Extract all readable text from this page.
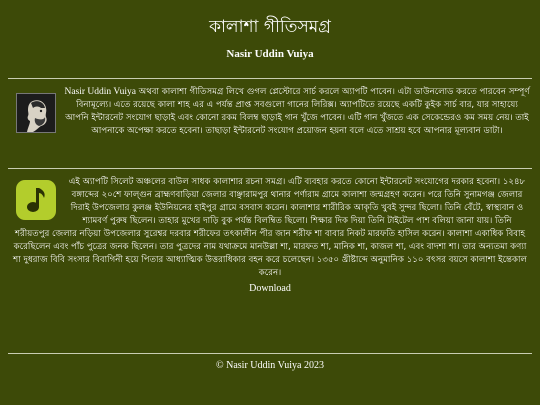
কালাশা গীতিসমগ্র
Nasir Uddin Vuiya
Nasir Uddin Vuiya অথবা কালাশা গীতিসমগ্র লিখে গুগল প্লেস্টোরে সার্চ করলে অ্যাপটি পাবেন। এটা ডাউনলোড করতে পারবেন সম্পূর্ণ বিনামূল্যে। এতে রয়েছে কালা শাহ এর এ পর্যন্ত প্রাপ্ত সবগুলো গানের লিরিক্স। অ্যাপটিতে রয়েছে একটি কুইক সার্চ বার, যার সাহায্যে আপনি ইন্টারনেট সংযোগ ছাড়াই এবং কোনো রকম বিলম্ব ছাড়াই গান খুঁজে পাবেন। এটি গান খুঁজতে এক সেকেন্ডেরও কম সময় নেয়। তাই আপনাকে অপেক্ষা করতে হবেনা। তাছাড়া ইন্টারনেট সংযোগ প্রয়োজন হয়না বলে এতে সাশ্রয় হবে আপনার মূল্যবান ডাটা।
এই অ্যাপটি সিলেট অঞ্চলের বাউল সাধক কালাশার রচনা সমগ্র। এটি ব্যবহার করতে কোনো ইন্টারনেট সংযোগের দরকার হবেনা। ১২৪৮ বঙ্গাব্দের ২০শে ফাল্গুন ব্রাহ্মণবাড়িয়া জেলার বাঞ্ছারামপুর থানার পর্ণারাম গ্রামে কালাশা জন্মগ্রহণ করেন। পরে তিনি সুনামগঞ্জ জেলার দিরাই উপজেলার কুলঞ্জ ইউনিয়নের হাইপুর গ্রামে বসবাস করেন। কালাশার শারীরিক আকৃতি খুবই সুন্দর ছিলো। তিনি বেঁটে, স্বাস্থ্যবান ও শ্যামবর্ণ পুরুষ ছিলেন। তাহার মুখের দাড়ি বুক পর্যন্ত বিলম্বিত ছিলো। শিক্ষার দিক দিয়া তিনি টাইটেল পাশ বলিয়া জানা যায়। তিনি শরীয়তপুর জেলার নড়িয়া উপজেলার সুরেশ্বর দরবার শরীফের তৎকালীন পীর জান শরীফ শা বাবার নিকট মারফতি হাসিল করেন। কালাশা একাধিক বিবাহ করেছিলেন এবং পাঁচ পুত্রের জনক ছিলেন। তার পুত্রদের নাম যথাক্রমে মানউল্লা শা, মারফত শা, মানিক শা, কাজল শা, এবং বাদশা শা। তার অন্যতমা কণ্যা শা দুধরাজ বিবি সংসার বিবাগিনী হয়ে পিতার আধ্যাত্মিক উত্তরাধিকার বহন করে চলেছেন। ১৩৫০ খ্রীষ্টাব্দে অনুমানিক ১১০ বৎসর বয়সে কালাশা ইন্তেকাল করেন।
Download
© Nasir Uddin Vuiya 2023
